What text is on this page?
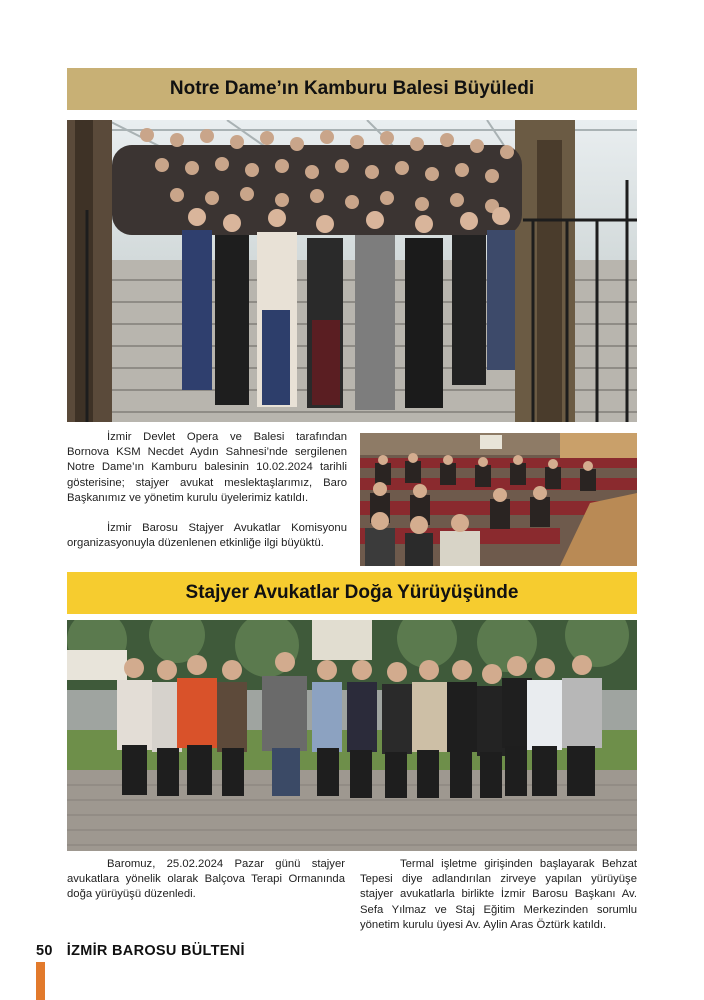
Notre Dame’ın Kamburu Balesi Büyüledi

İzmir Devlet Opera ve Balesi tarafından Bornova KSM Necdet Aydın Sahnesi’nde sergilenen Notre Dame’ın Kamburu balesinin 10.02.2024 tarihli gösterisine; stajyer avukat meslektaşlarımız, Baro Başkanımız ve yönetim kurulu üyelerimiz katıldı.

İzmir Barosu Stajyer Avukatlar Komisyonu organizasyonuyla düzenlenen etkinliğe ilgi büyüktü.

Stajyer Avukatlar Doğa Yürüyüşünde

Baromuz, 25.02.2024 Pazar günü stajyer avukatlara yönelik olarak Balçova Terapi Ormanında doğa yürüyüşü düzenledi.

Termal işletme girişinden başlayarak Behzat Tepesi diye adlandırılan zirveye yapılan yürüyüşe stajyer avukatlarla birlikte İzmir Barosu Başkanı Av. Sefa Yılmaz ve Staj Eğitim Merkezinden sorumlu yönetim kurulu üyesi Av. Aylin Aras Öztürk katıldı.

50 İZMİR BAROSU BÜLTENİ
